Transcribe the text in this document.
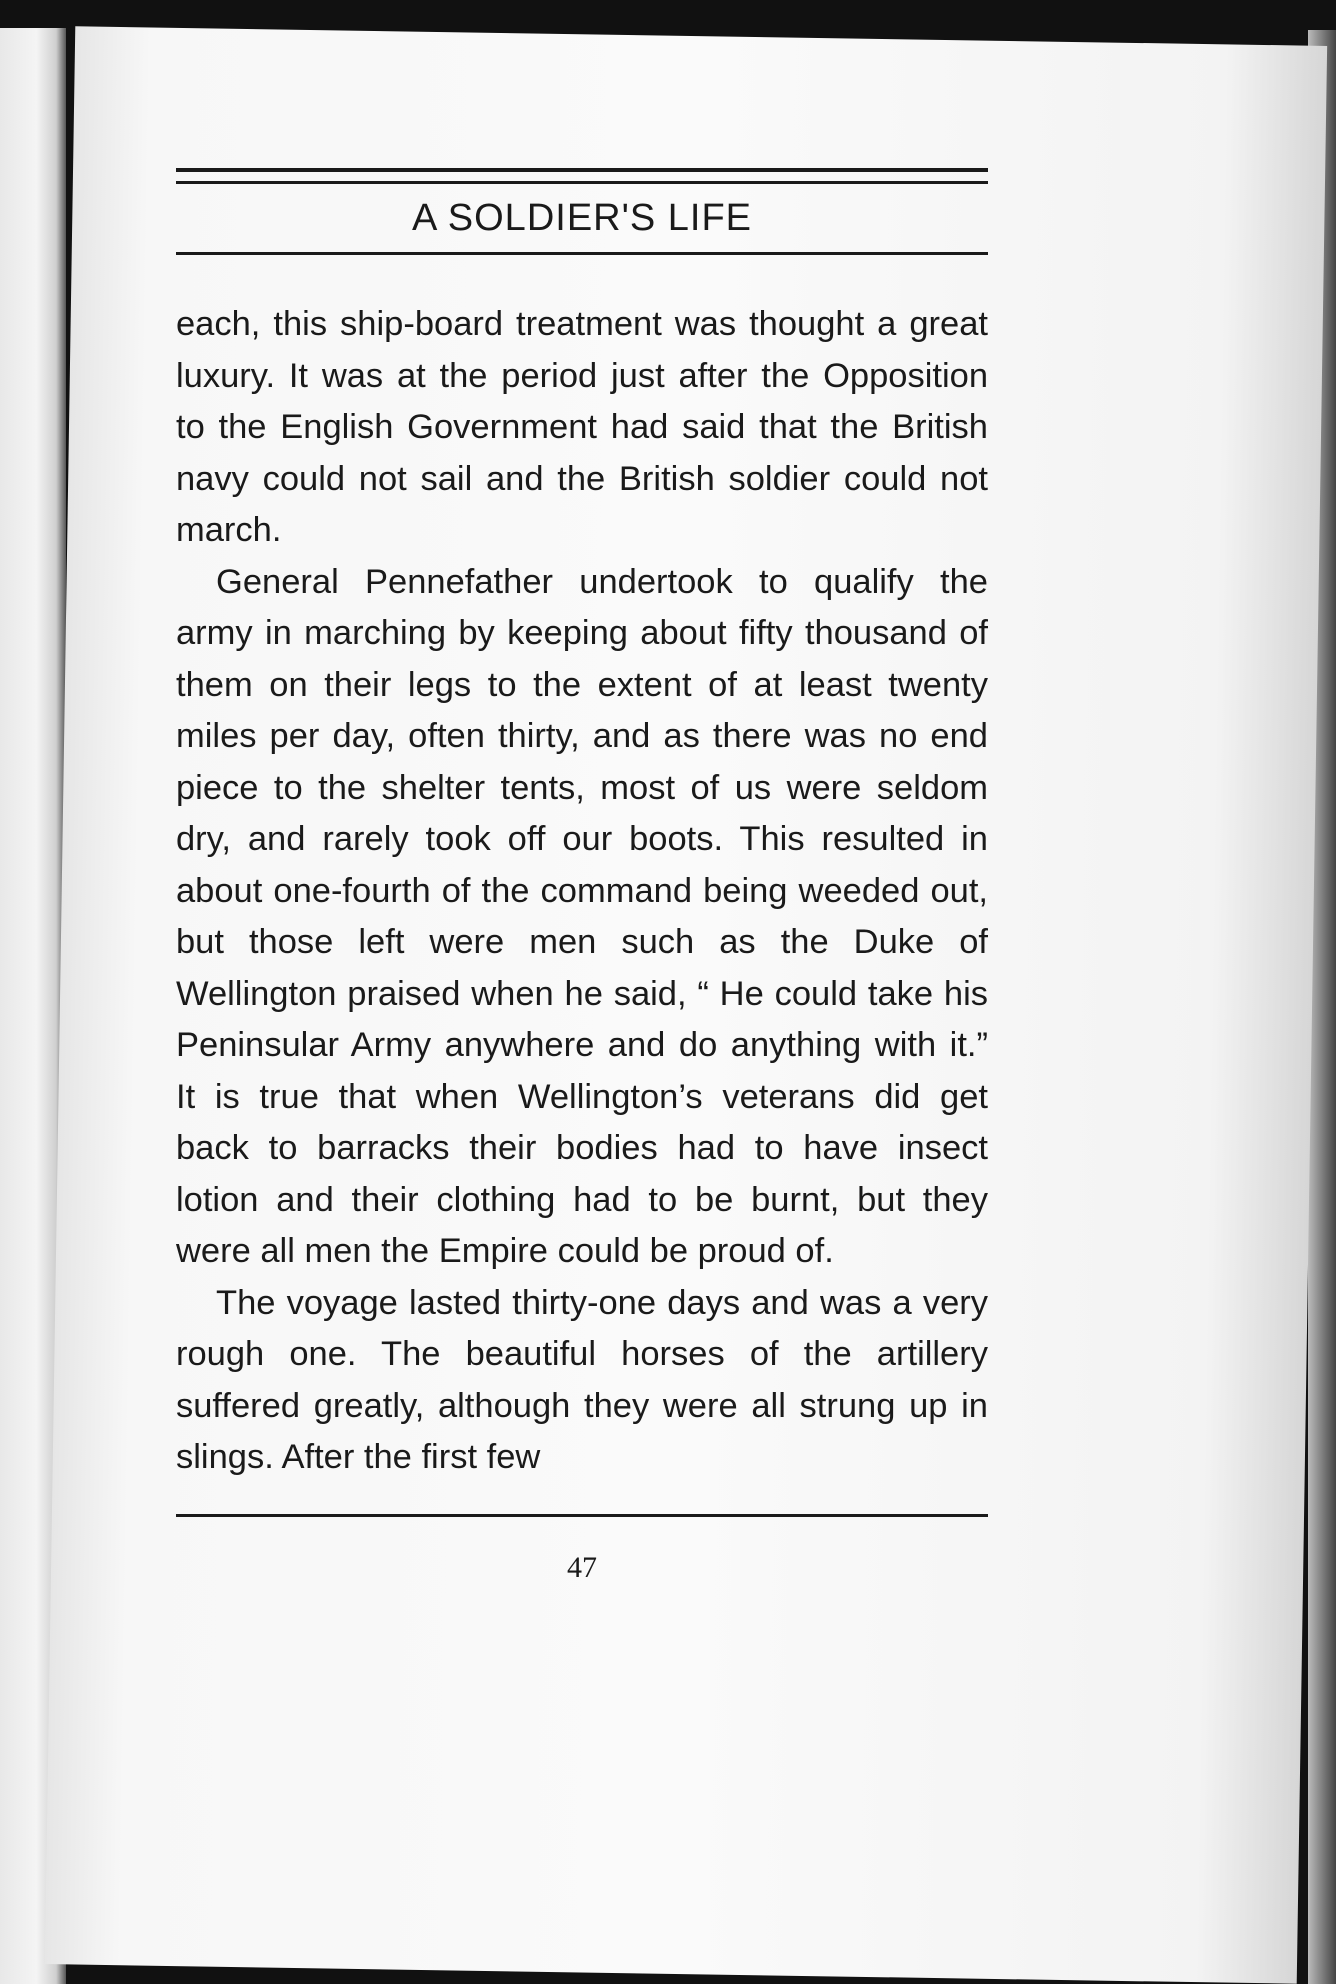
A SOLDIER'S LIFE

each, this ship-board treatment was thought a great luxury. It was at the period just after the Opposition to the English Government had said that the British navy could not sail and the British soldier could not march.

General Pennefather undertook to qualify the army in marching by keeping about fifty thousand of them on their legs to the extent of at least twenty miles per day, often thirty, and as there was no end piece to the shelter tents, most of us were seldom dry, and rarely took off our boots. This resulted in about one-fourth of the command being weeded out, but those left were men such as the Duke of Wellington praised when he said, “ He could take his Peninsular Army anywhere and do anything with it.” It is true that when Wellington’s veterans did get back to barracks their bodies had to have insect lotion and their clothing had to be burnt, but they were all men the Empire could be proud of.

The voyage lasted thirty-one days and was a very rough one. The beautiful horses of the artillery suffered greatly, although they were all strung up in slings. After the first few

47
